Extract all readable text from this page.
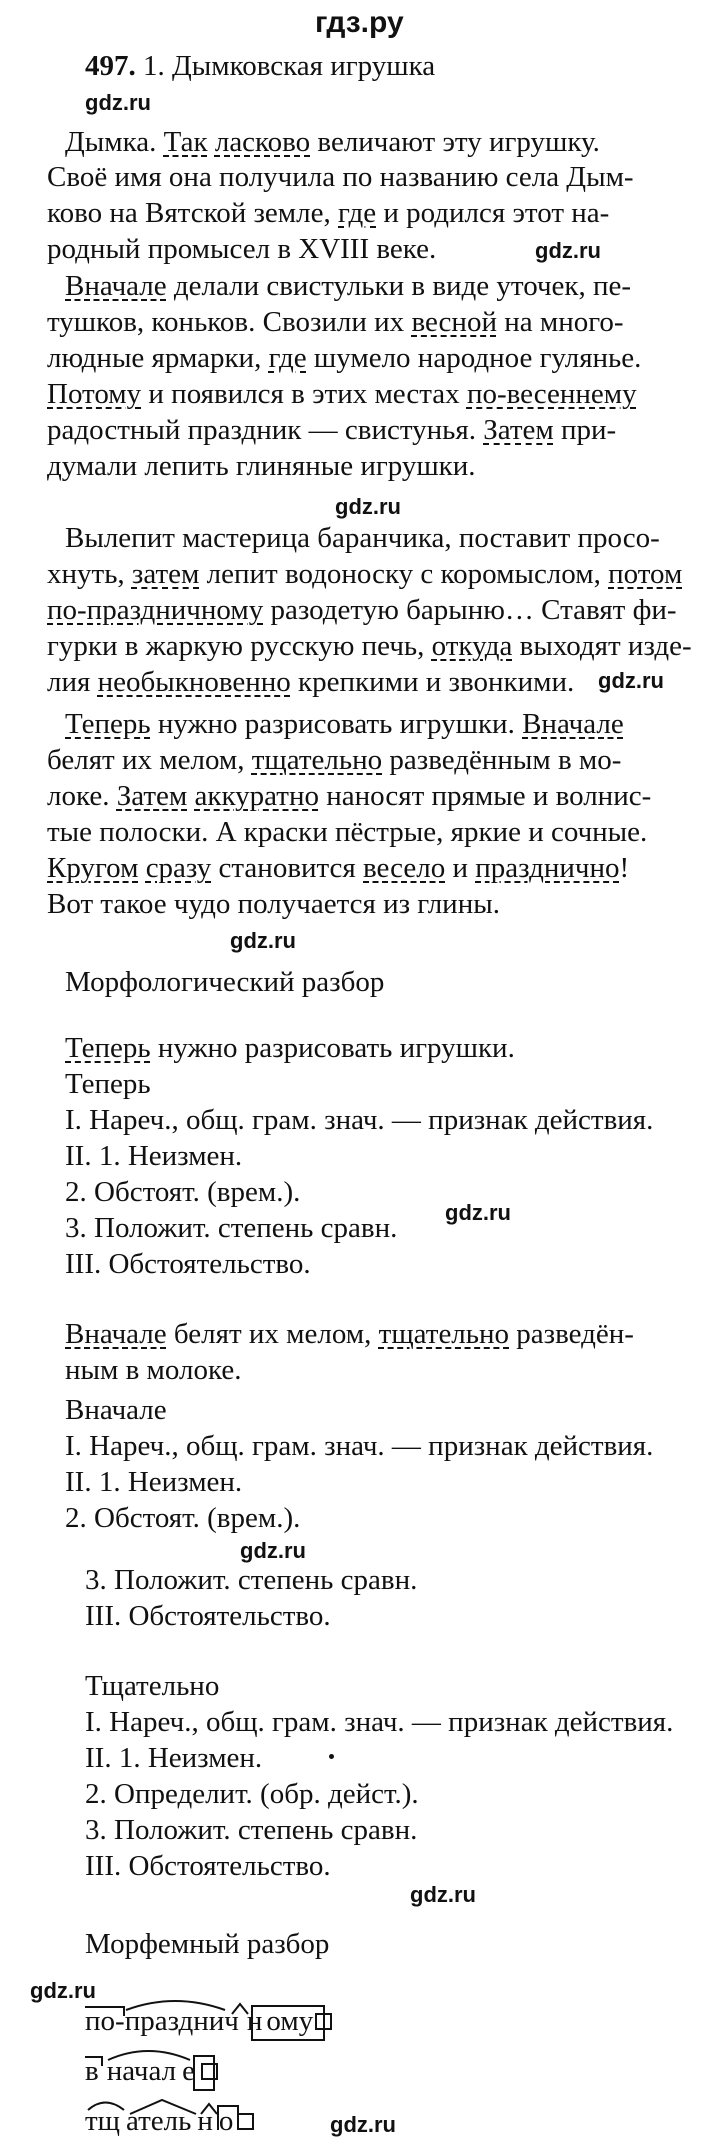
гдз.ру
497. 1. Дымковская игрушка
gdz.ru
Дымка. Так ласково величают эту игрушку.
Своё имя она получила по названию села Дым-
ково на Вятской земле, где и родился этот на-
родный промысел в XVIII веке.	gdz.ru
Вначале делали свистульки в виде уточек, пе-
тушков, коньков. Свозили их весной на много-
людные ярмарки, где шумело народное гулянье.
Потому и появился в этих местах по-весеннему
радостный праздник — свистунья. Затем при-
думали лепить глиняные игрушки.
gdz.ru
Вылепит мастерица баранчика, поставит просо-
хнуть, затем лепит водоноску с коромыслом, потом
по-праздничному разодетую барыню… Ставят фи-
гурки в жаркую русскую печь, откуда выходят изде-
лия необыкновенно крепкими и звонкими. gdz.ru
Теперь нужно разрисовать игрушки. Вначале
белят их мелом, тщательно разведённым в мо-
локе. Затем аккуратно наносят прямые и волнис-
тые полоски. А краски пёстрые, яркие и сочные.
Кругом сразу становится весело и празднично!
Вот такое чудо получается из глины.
gdz.ru
Морфологический разбор
Теперь нужно разрисовать игрушки.
Теперь
I. Нареч., общ. грам. знач. — признак действия.
II. 1. Неизмен.
2. Обстоят. (врем.).
3. Положит. степень сравн. gdz.ru
III. Обстоятельство.
Вначале белят их мелом, тщательно разведён-
ным в молоке.
Вначале
I. Нареч., общ. грам. знач. — признак действия.
II. 1. Неизмен.
2. Обстоят. (врем.).
gdz.ru
3. Положит. степень сравн.
III. Обстоятельство.
Тщательно
I. Нареч., общ. грам. знач. — признак действия.
II. 1. Неизмен.
2. Определит. (обр. дейст.).
3. Положит. степень сравн.
III. Обстоятельство.
gdz.ru
Морфемный разбор
gdz.ru
по-празднич н ому
в начал е
тщ атель н о	gdz.ru
